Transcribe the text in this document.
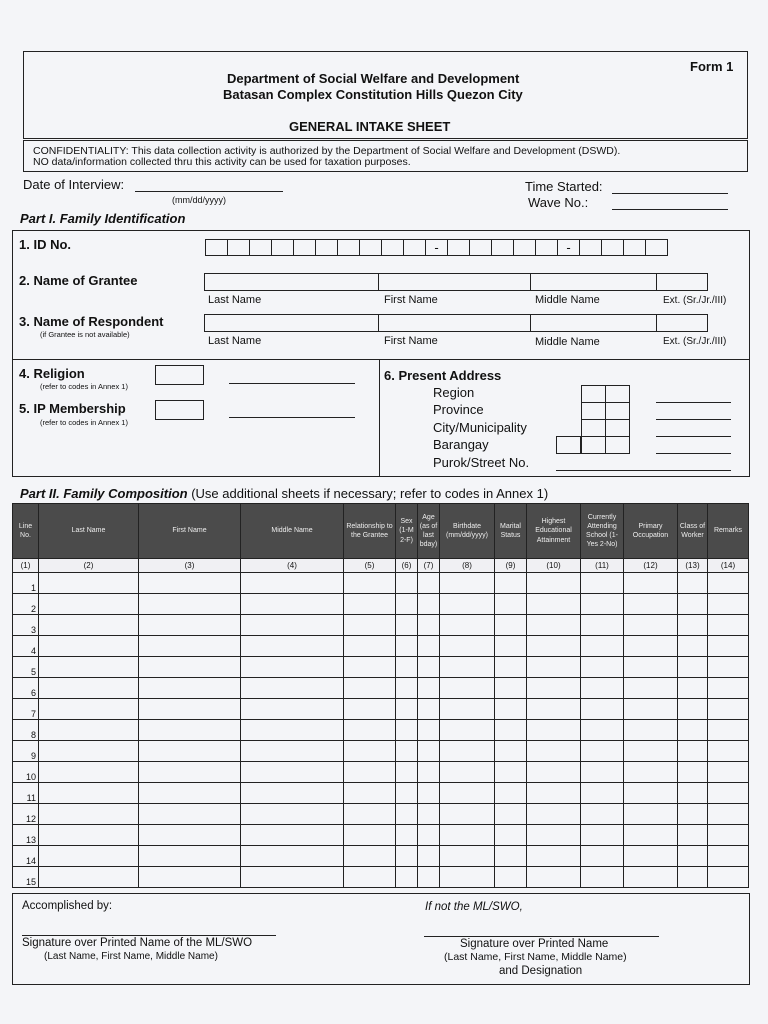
Form 1
Department of Social Welfare and Development
Batasan Complex Constitution Hills Quezon City
GENERAL INTAKE SHEET
CONFIDENTIALITY: This data collection activity is authorized by the Department of Social Welfare and Development (DSWD).
NO data/information collected thru this activity can be used for taxation purposes.
Date of Interview:
(mm/dd/yyyy)
Time Started:
Wave No.:
Part I. Family Identification
1. ID No.	-	-
2. Name of Grantee
Last Name	First Name	Middle Name	Ext. (Sr./Jr./III)
3. Name of Respondent
(if Grantee is not available)
Last Name	First Name	Middle Name	Ext. (Sr./Jr./III)
4. Religion
(refer to codes in Annex 1)
5. IP Membership
(refer to codes in Annex 1)
6. Present Address
Region
Province
City/Municipality
Barangay
Purok/Street No.
Part II. Family Composition (Use additional sheets if necessary; refer to codes in Annex 1)
Line No.	Last Name	First Name	Middle Name	Relationship to the Grantee	Sex (1-M 2-F)	Age (as of last bday)	Birthdate (mm/dd/yyyy)	Marital Status	Highest Educational Attainment	Currently Attending School (1-Yes 2-No)	Primary Occupation	Class of Worker	Remarks
(1)	(2)	(3)	(4)	(5)	(6)	(7)	(8)	(9)	(10)	(11)	(12)	(13)	(14)
1													
2													
3													
4													
5													
6													
7													
8													
9													
10													
11													
12													
13													
14													
15													
Accomplished by:	If not the ML/SWO,
Signature over Printed Name of the ML/SWO
(Last Name, First Name, Middle Name)
Signature over Printed Name
(Last Name, First Name, Middle Name)
and Designation
